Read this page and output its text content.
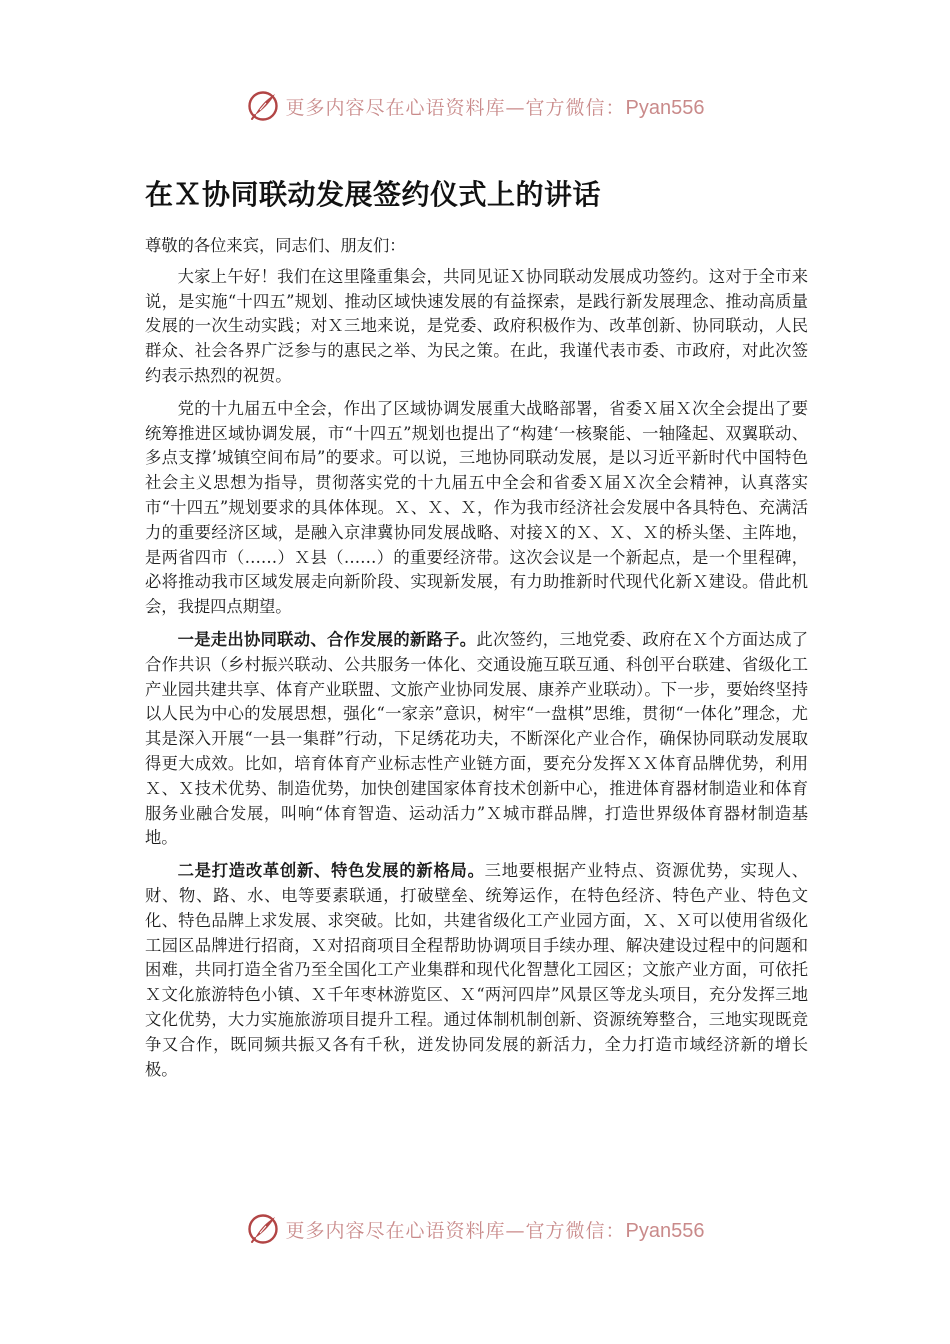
更多内容尽在心语资料库—官方微信：Pyan556
在Ｘ协同联动发展签约仪式上的讲话

尊敬的各位来宾，同志们、朋友们：

大家上午好！我们在这里隆重集会，共同见证Ｘ协同联动发展成功签约。这对于全市来说，是实施“十四五”规划、推动区域快速发展的有益探索，是践行新发展理念、推动高质量发展的一次生动实践；对Ｘ三地来说，是党委、政府积极作为、改革创新、协同联动，人民群众、社会各界广泛参与的惠民之举、为民之策。在此，我谨代表市委、市政府，对此次签约表示热烈的祝贺。

党的十九届五中全会，作出了区域协调发展重大战略部署，省委Ｘ届Ｘ次全会提出了要统筹推进区域协调发展，市“十四五”规划也提出了“构建‘一核聚能、一轴隆起、双翼联动、多点支撑’城镇空间布局”的要求。可以说，三地协同联动发展，是以习近平新时代中国特色社会主义思想为指导，贯彻落实党的十九届五中全会和省委Ｘ届Ｘ次全会精神，认真落实市“十四五”规划要求的具体体现。Ｘ、Ｘ、Ｘ，作为我市经济社会发展中各具特色、充满活力的重要经济区域，是融入京津冀协同发展战略、对接Ｘ的Ｘ、Ｘ、Ｘ的桥头堡、主阵地，是两省四市（……）Ｘ县（……）的重要经济带。这次会议是一个新起点，是一个里程碑，必将推动我市区域发展走向新阶段、实现新发展，有力助推新时代现代化新Ｘ建设。借此机会，我提四点期望。

一是走出协同联动、合作发展的新路子。此次签约，三地党委、政府在Ｘ个方面达成了合作共识（乡村振兴联动、公共服务一体化、交通设施互联互通、科创平台联建、省级化工产业园共建共享、体育产业联盟、文旅产业协同发展、康养产业联动）。下一步，要始终坚持以人民为中心的发展思想，强化“一家亲”意识，树牢“一盘棋”思维，贯彻“一体化”理念，尤其是深入开展“一县一集群”行动，下足绣花功夫，不断深化产业合作，确保协同联动发展取得更大成效。比如，培育体育产业标志性产业链方面，要充分发挥ＸＸ体育品牌优势，利用Ｘ、Ｘ技术优势、制造优势，加快创建国家体育技术创新中心，推进体育器材制造业和体育服务业融合发展，叫响“体育智造、运动活力”Ｘ城市群品牌，打造世界级体育器材制造基地。

二是打造改革创新、特色发展的新格局。三地要根据产业特点、资源优势，实现人、财、物、路、水、电等要素联通，打破壁垒、统筹运作，在特色经济、特色产业、特色文化、特色品牌上求发展、求突破。比如，共建省级化工产业园方面，Ｘ、Ｘ可以使用省级化工园区品牌进行招商，Ｘ对招商项目全程帮助协调项目手续办理、解决建设过程中的问题和困难，共同打造全省乃至全国化工产业集群和现代化智慧化工园区；文旅产业方面，可依托Ｘ文化旅游特色小镇、Ｘ千年枣林游览区、Ｘ“两河四岸”风景区等龙头项目，充分发挥三地文化优势，大力实施旅游项目提升工程。通过体制机制创新、资源统筹整合，三地实现既竞争又合作，既同频共振又各有千秋，迸发协同发展的新活力，全力打造市域经济新的增长极。

更多内容尽在心语资料库—官方微信：Pyan556
